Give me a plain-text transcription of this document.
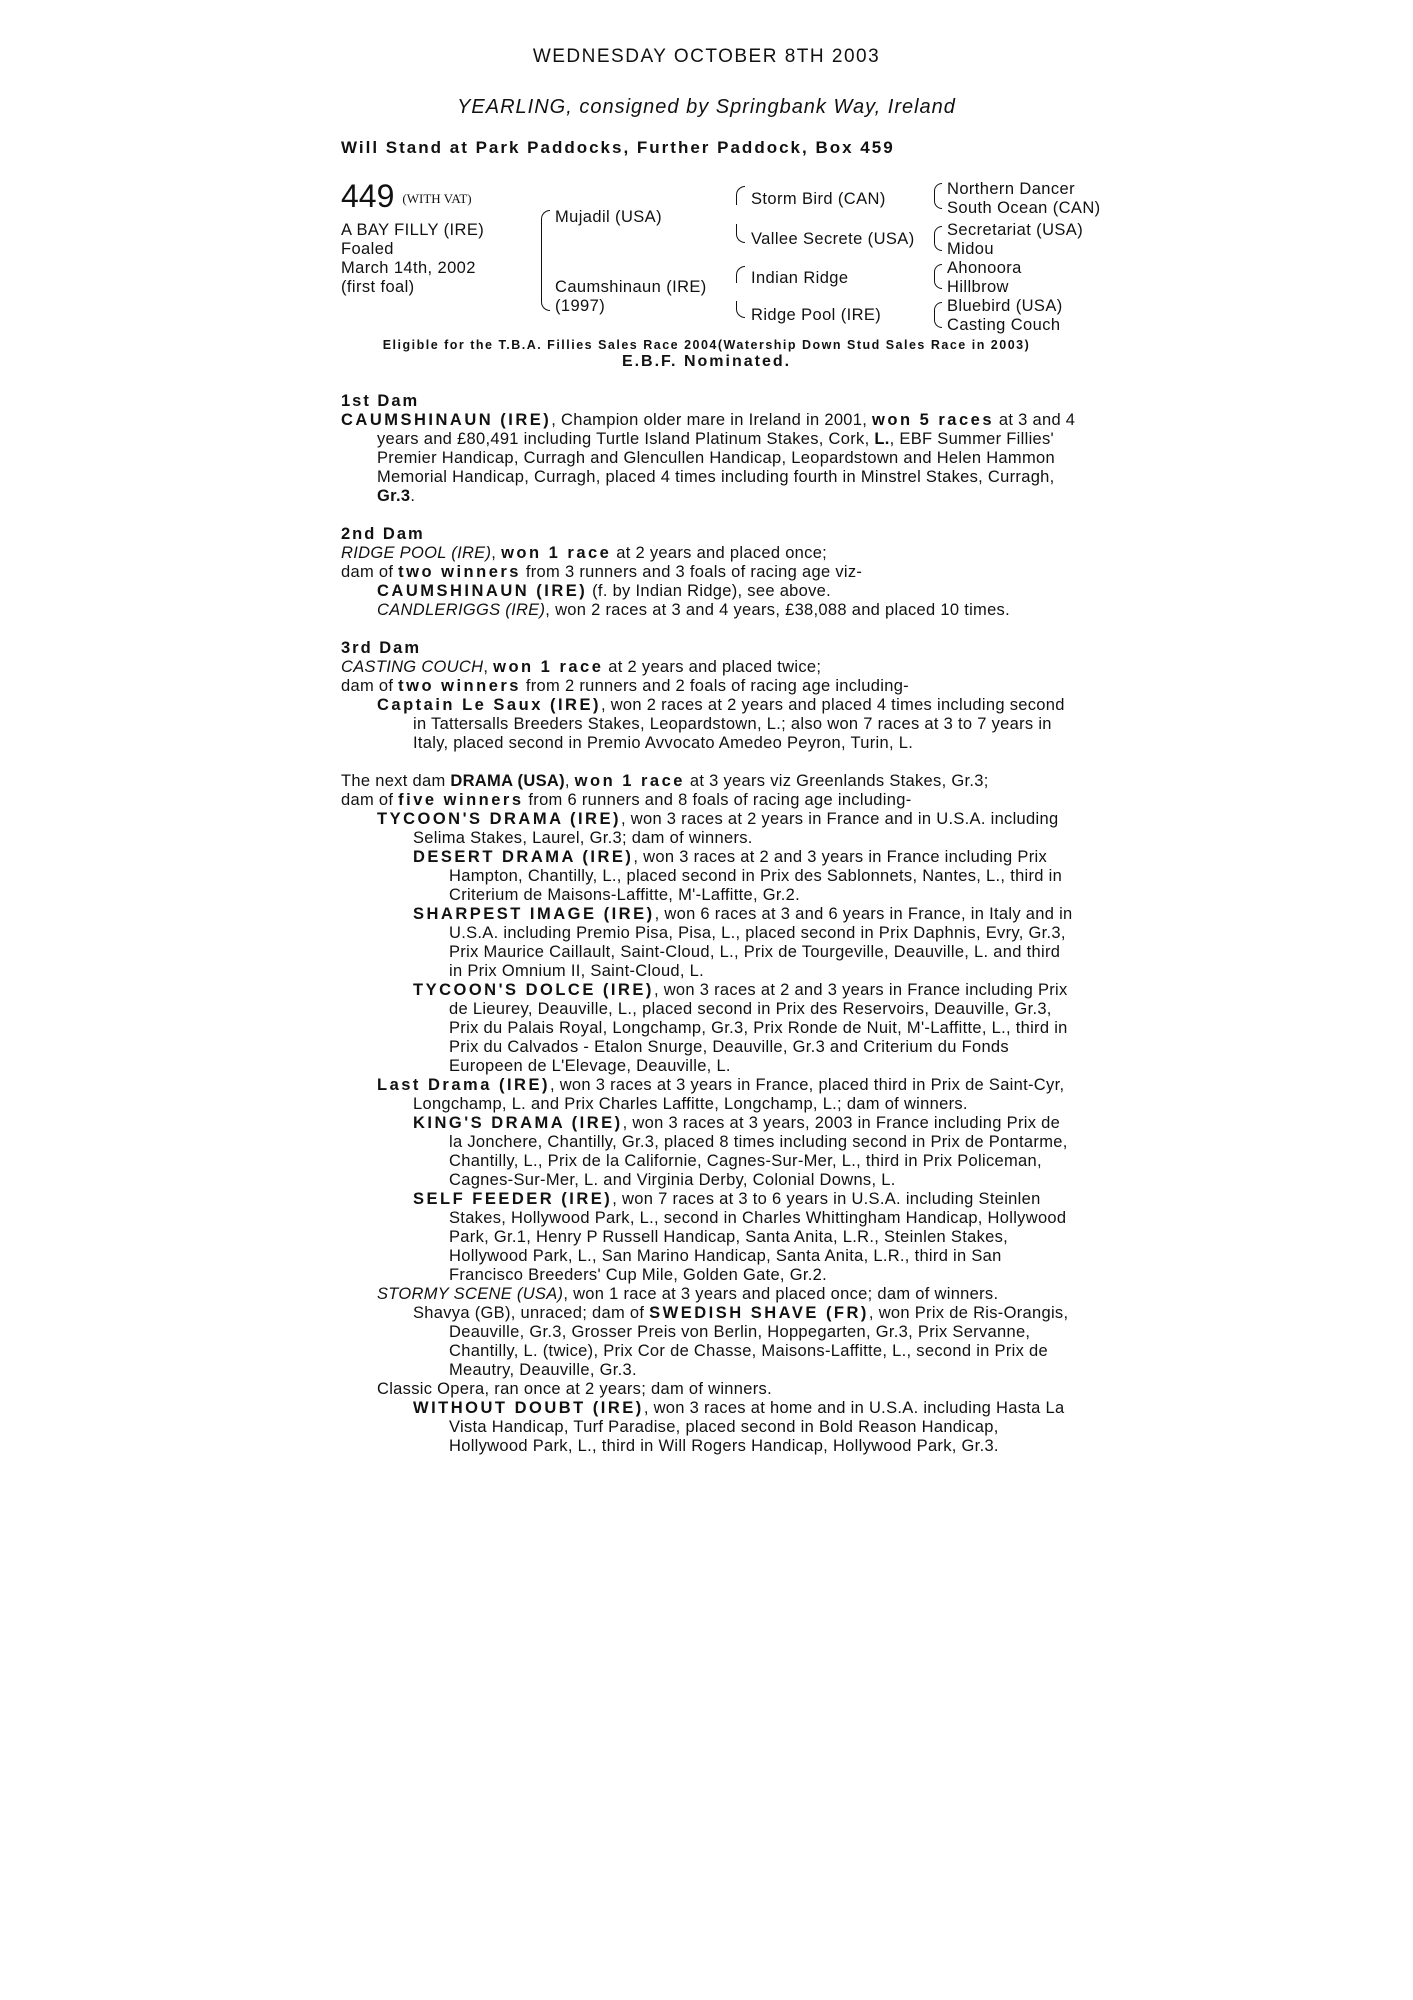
WEDNESDAY OCTOBER 8TH 2003
YEARLING, consigned by Springbank Way, Ireland
Will Stand at Park Paddocks, Further Paddock, Box 459
449 (WITH VAT)
A BAY FILLY (IRE)
Foaled
March 14th, 2002
(first foal)
Mujadil (USA)
Caumshinaun (IRE)
(1997)
Storm Bird (CAN)
Vallee Secrete (USA)
Indian Ridge
Ridge Pool (IRE)
Northern Dancer
South Ocean (CAN)
Secretariat (USA)
Midou
Ahonoora
Hillbrow
Bluebird (USA)
Casting Couch
Eligible for the T.B.A. Fillies Sales Race 2004(Watership Down Stud Sales Race in 2003)
E.B.F. Nominated.

1st Dam

CAUMSHINAUN (IRE), Champion older mare in Ireland in 2001, won 5 races at 3 and 4 years and £80,491 including Turtle Island Platinum Stakes, Cork, L., EBF Summer Fillies' Premier Handicap, Curragh and Glencullen Handicap, Leopardstown and Helen Hammon Memorial Handicap, Curragh, placed 4 times including fourth in Minstrel Stakes, Curragh, Gr.3.

2nd Dam

RIDGE POOL (IRE), won 1 race at 2 years and placed once;

dam of two winners from 3 runners and 3 foals of racing age viz-

CAUMSHINAUN (IRE) (f. by Indian Ridge), see above.

CANDLERIGGS (IRE), won 2 races at 3 and 4 years, £38,088 and placed 10 times.

3rd Dam

CASTING COUCH, won 1 race at 2 years and placed twice;

dam of two winners from 2 runners and 2 foals of racing age including-

Captain Le Saux (IRE), won 2 races at 2 years and placed 4 times including second in Tattersalls Breeders Stakes, Leopardstown, L.; also won 7 races at 3 to 7 years in Italy, placed second in Premio Avvocato Amedeo Peyron, Turin, L.

The next dam DRAMA (USA), won 1 race at 3 years viz Greenlands Stakes, Gr.3;

dam of five winners from 6 runners and 8 foals of racing age including-

TYCOON'S DRAMA (IRE), won 3 races at 2 years in France and in U.S.A. including Selima Stakes, Laurel, Gr.3; dam of winners.

DESERT DRAMA (IRE), won 3 races at 2 and 3 years in France including Prix Hampton, Chantilly, L., placed second in Prix des Sablonnets, Nantes, L., third in Criterium de Maisons-Laffitte, M'-Laffitte, Gr.2.

SHARPEST IMAGE (IRE), won 6 races at 3 and 6 years in France, in Italy and in U.S.A. including Premio Pisa, Pisa, L., placed second in Prix Daphnis, Evry, Gr.3, Prix Maurice Caillault, Saint-Cloud, L., Prix de Tourgeville, Deauville, L. and third in Prix Omnium II, Saint-Cloud, L.

TYCOON'S DOLCE (IRE), won 3 races at 2 and 3 years in France including Prix de Lieurey, Deauville, L., placed second in Prix des Reservoirs, Deauville, Gr.3, Prix du Palais Royal, Longchamp, Gr.3, Prix Ronde de Nuit, M'-Laffitte, L., third in Prix du Calvados - Etalon Snurge, Deauville, Gr.3 and Criterium du Fonds Europeen de L'Elevage, Deauville, L.

Last Drama (IRE), won 3 races at 3 years in France, placed third in Prix de Saint-Cyr, Longchamp, L. and Prix Charles Laffitte, Longchamp, L.; dam of winners.

KING'S DRAMA (IRE), won 3 races at 3 years, 2003 in France including Prix de la Jonchere, Chantilly, Gr.3, placed 8 times including second in Prix de Pontarme, Chantilly, L., Prix de la Californie, Cagnes-Sur-Mer, L., third in Prix Policeman, Cagnes-Sur-Mer, L. and Virginia Derby, Colonial Downs, L.

SELF FEEDER (IRE), won 7 races at 3 to 6 years in U.S.A. including Steinlen Stakes, Hollywood Park, L., second in Charles Whittingham Handicap, Hollywood Park, Gr.1, Henry P Russell Handicap, Santa Anita, L.R., Steinlen Stakes, Hollywood Park, L., San Marino Handicap, Santa Anita, L.R., third in San Francisco Breeders' Cup Mile, Golden Gate, Gr.2.

STORMY SCENE (USA), won 1 race at 3 years and placed once; dam of winners.

Shavya (GB), unraced; dam of SWEDISH SHAVE (FR), won Prix de Ris-Orangis, Deauville, Gr.3, Grosser Preis von Berlin, Hoppegarten, Gr.3, Prix Servanne, Chantilly, L. (twice), Prix Cor de Chasse, Maisons-Laffitte, L., second in Prix de Meautry, Deauville, Gr.3.

Classic Opera, ran once at 2 years; dam of winners.

WITHOUT DOUBT (IRE), won 3 races at home and in U.S.A. including Hasta La Vista Handicap, Turf Paradise, placed second in Bold Reason Handicap, Hollywood Park, L., third in Will Rogers Handicap, Hollywood Park, Gr.3.
